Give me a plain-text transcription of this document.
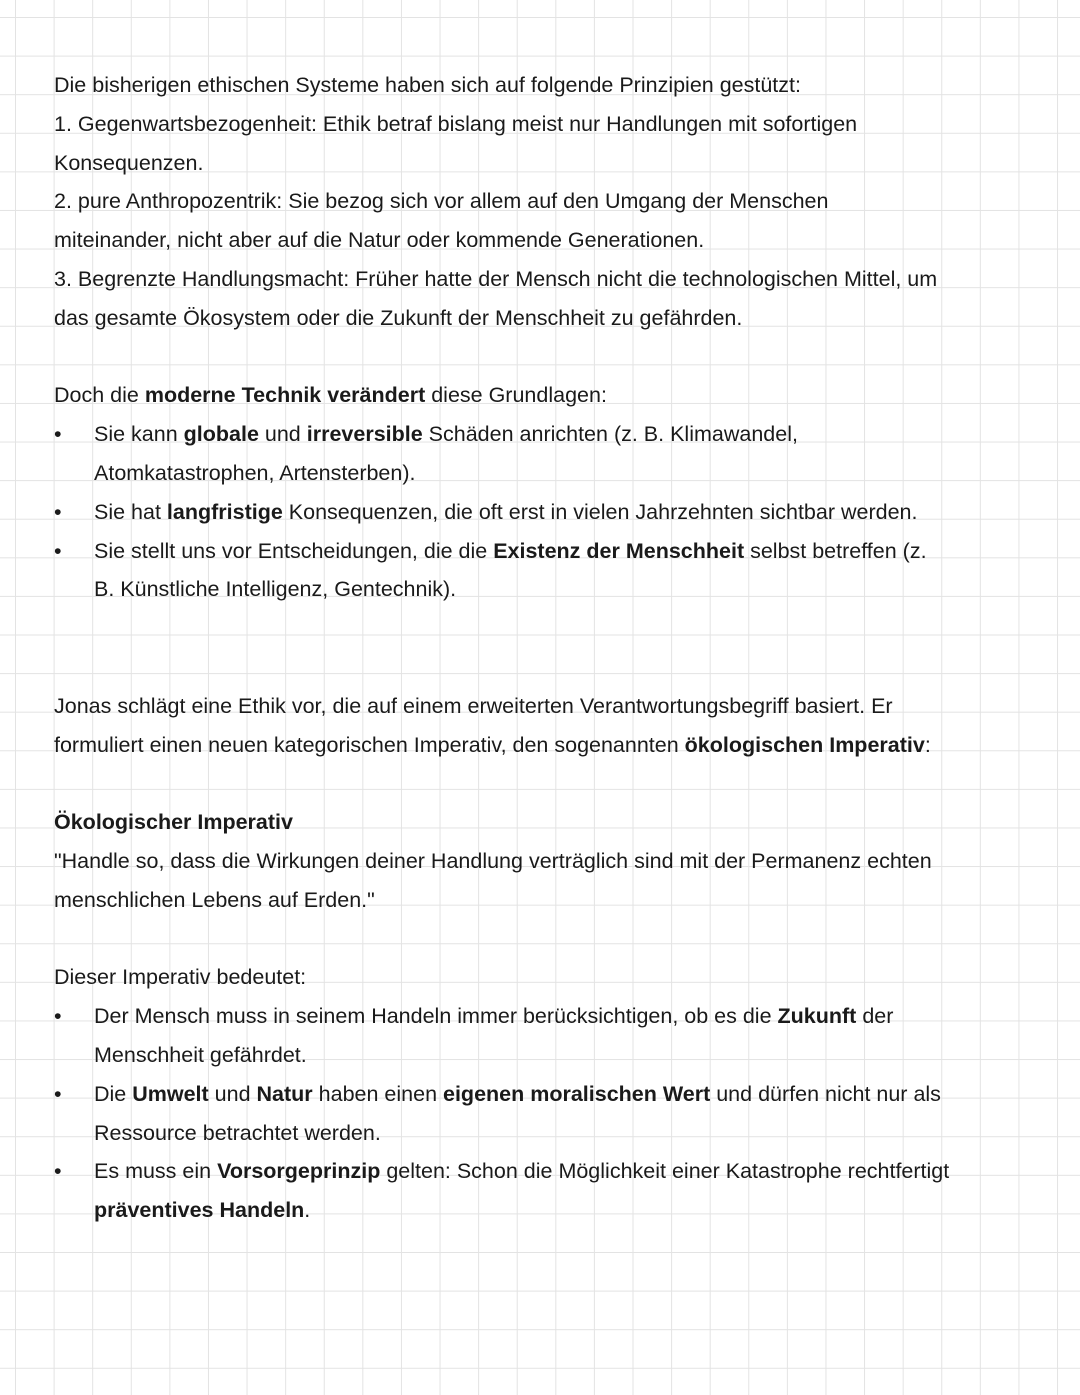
Die bisherigen ethischen Systeme haben sich auf folgende Prinzipien gestützt:

1. Gegenwartsbezogenheit: Ethik betraf bislang meist nur Handlungen mit sofortigen

Konsequenzen.

2. pure Anthropozentrik: Sie bezog sich vor allem auf den Umgang der Menschen

miteinander, nicht aber auf die Natur oder kommende Generationen.

3. Begrenzte Handlungsmacht: Früher hatte der Mensch nicht die technologischen Mittel, um

das gesamte Ökosystem oder die Zukunft der Menschheit zu gefährden.

Doch die moderne Technik verändert diese Grundlagen:

• Sie kann globale und irreversible Schäden anrichten (z. B. Klimawandel,

Atomkatastrophen, Artensterben).

• Sie hat langfristige Konsequenzen, die oft erst in vielen Jahrzehnten sichtbar werden.

• Sie stellt uns vor Entscheidungen, die die Existenz der Menschheit selbst betreffen (z.

B. Künstliche Intelligenz, Gentechnik).

Jonas schlägt eine Ethik vor, die auf einem erweiterten Verantwortungsbegriff basiert. Er

formuliert einen neuen kategorischen Imperativ, den sogenannten ökologischen Imperativ:

Ökologischer Imperativ

"Handle so, dass die Wirkungen deiner Handlung verträglich sind mit der Permanenz echten

menschlichen Lebens auf Erden."

Dieser Imperativ bedeutet:

• Der Mensch muss in seinem Handeln immer berücksichtigen, ob es die Zukunft der

Menschheit gefährdet.

• Die Umwelt und Natur haben einen eigenen moralischen Wert und dürfen nicht nur als

Ressource betrachtet werden.

• Es muss ein Vorsorgeprinzip gelten: Schon die Möglichkeit einer Katastrophe rechtfertigt

präventives Handeln.
